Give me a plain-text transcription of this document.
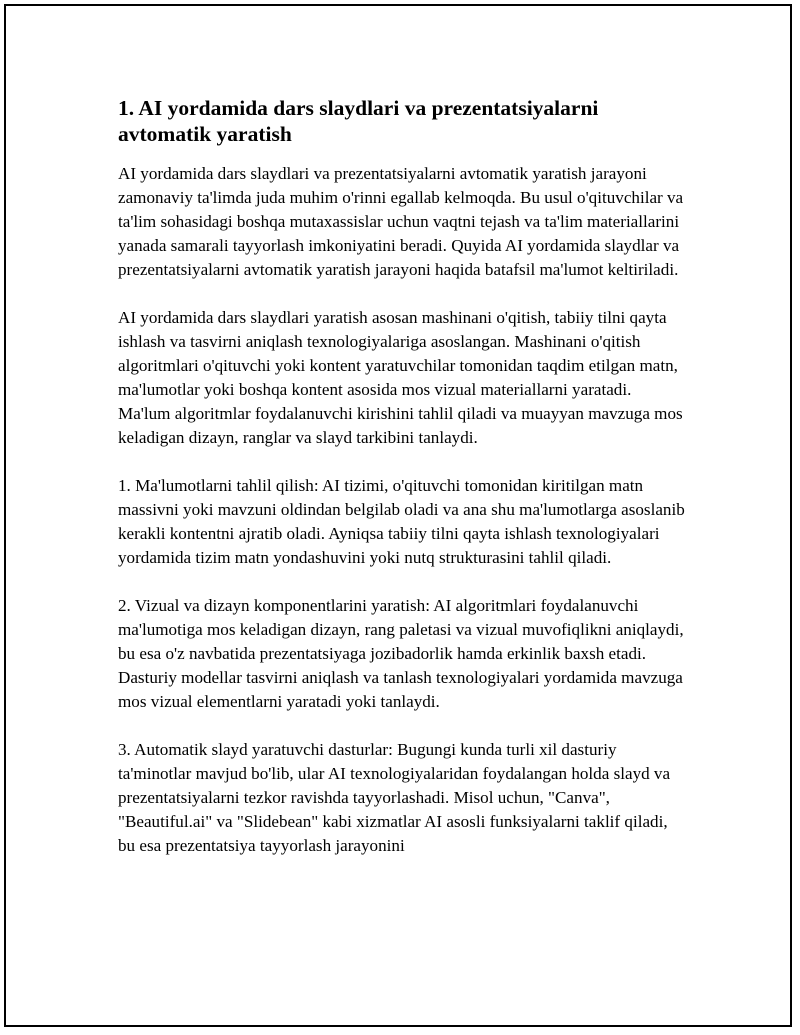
1. AI yordamida dars slaydlari va prezentatsiyalarni avtomatik yaratish

AI yordamida dars slaydlari va prezentatsiyalarni avtomatik yaratish jarayoni zamonaviy ta'limda juda muhim o'rinni egallab kelmoqda. Bu usul o'qituvchilar va ta'lim sohasidagi boshqa mutaxassislar uchun vaqtni tejash va ta'lim materiallarini yanada samarali tayyorlash imkoniyatini beradi. Quyida AI yordamida slaydlar va prezentatsiyalarni avtomatik yaratish jarayoni haqida batafsil ma'lumot keltiriladi.

AI yordamida dars slaydlari yaratish asosan mashinani o'qitish, tabiiy tilni qayta ishlash va tasvirni aniqlash texnologiyalariga asoslangan. Mashinani o'qitish algoritmlari o'qituvchi yoki kontent yaratuvchilar tomonidan taqdim etilgan matn, ma'lumotlar yoki boshqa kontent asosida mos vizual materiallarni yaratadi. Ma'lum algoritmlar foydalanuvchi kirishini tahlil qiladi va muayyan mavzuga mos keladigan dizayn, ranglar va slayd tarkibini tanlaydi.

1. Ma'lumotlarni tahlil qilish: AI tizimi, o'qituvchi tomonidan kiritilgan matn massivni yoki mavzuni oldindan belgilab oladi va ana shu ma'lumotlarga asoslanib kerakli kontentni ajratib oladi. Ayniqsa tabiiy tilni qayta ishlash texnologiyalari yordamida tizim matn yondashuvini yoki nutq strukturasini tahlil qiladi.

2. Vizual va dizayn komponentlarini yaratish: AI algoritmlari foydalanuvchi ma'lumotiga mos keladigan dizayn, rang paletasi va vizual muvofiqlikni aniqlaydi, bu esa o'z navbatida prezentatsiyaga jozibadorlik hamda erkinlik baxsh etadi. Dasturiy modellar tasvirni aniqlash va tanlash texnologiyalari yordamida mavzuga mos vizual elementlarni yaratadi yoki tanlaydi.

3. Automatik slayd yaratuvchi dasturlar: Bugungi kunda turli xil dasturiy ta'minotlar mavjud bo'lib, ular AI texnologiyalaridan foydalangan holda slayd va prezentatsiyalarni tezkor ravishda tayyorlashadi. Misol uchun, "Canva", "Beautiful.ai" va "Slidebean" kabi xizmatlar AI asosli funksiyalarni taklif qiladi, bu esa prezentatsiya tayyorlash jarayonini
